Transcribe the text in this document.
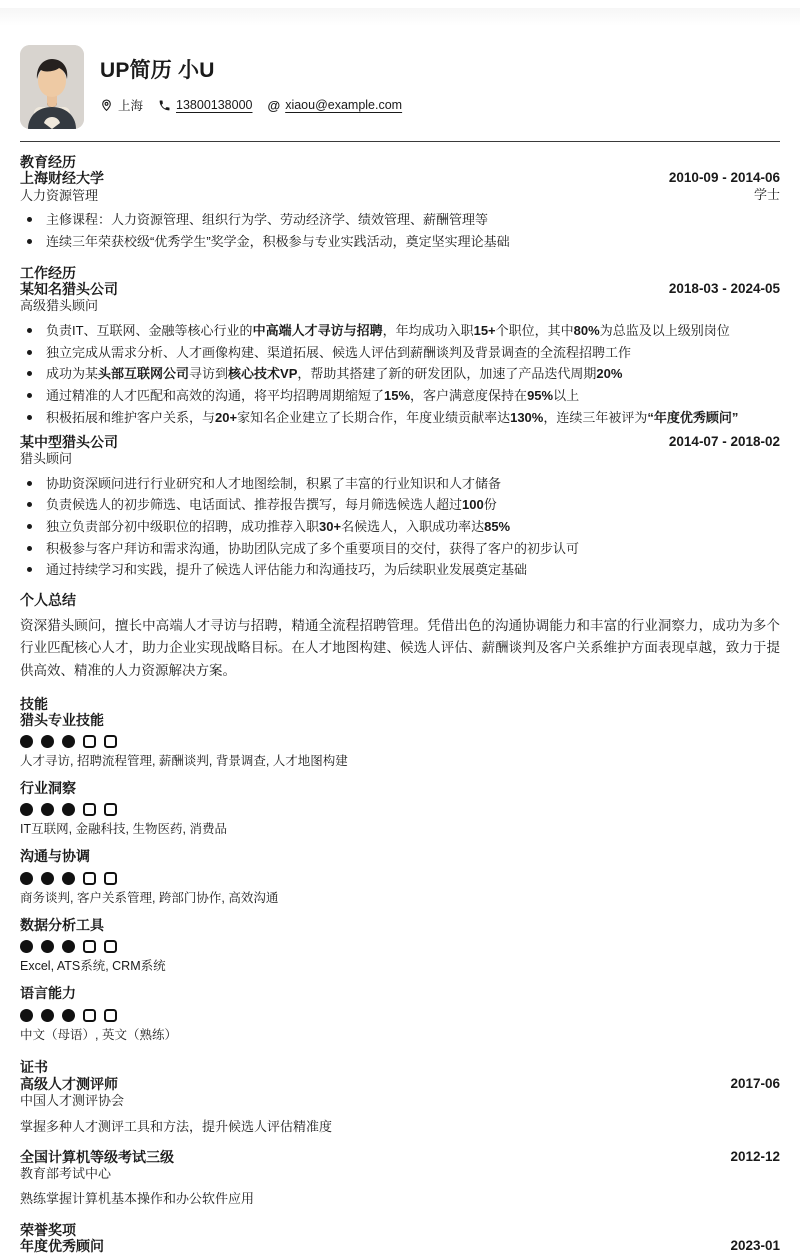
UP简历 小U
上海	13800138000 @ xiaou@example.com
教育经历
上海财经大学
人力资源管理
2010-09 - 2014-06
学士
主修课程：人力资源管理、组织行为学、劳动经济学、绩效管理、薪酬管理等
连续三年荣获校级“优秀学生”奖学金，积极参与专业实践活动，奠定坚实理论基础
工作经历
某知名猎头公司
高级猎头顾问
2018-03 - 2024-05
负责IT、互联网、金融等核心行业的中高端人才寻访与招聘，年均成功入职15+个职位，其中80%为总监及以上级别岗位
独立完成从需求分析、人才画像构建、渠道拓展、候选人评估到薪酬谈判及背景调查的全流程招聘工作
成功为某头部互联网公司寻访到核心技术VP，帮助其搭建了新的研发团队，加速了产品迭代周期20%
通过精准的人才匹配和高效的沟通，将平均招聘周期缩短了15%，客户满意度保持在95%以上
积极拓展和维护客户关系，与20+家知名企业建立了长期合作，年度业绩贡献率达130%，连续三年被评为“年度优秀顾问”
某中型猎头公司
猎头顾问
2014-07 - 2018-02
协助资深顾问进行行业研究和人才地图绘制，积累了丰富的行业知识和人才储备
负责候选人的初步筛选、电话面试、推荐报告撰写，每月筛选候选人超过100份
独立负责部分初中级职位的招聘，成功推荐入职30+名候选人，入职成功率达85%
积极参与客户拜访和需求沟通，协助团队完成了多个重要项目的交付，获得了客户的初步认可
通过持续学习和实践，提升了候选人评估能力和沟通技巧，为后续职业发展奠定基础
个人总结
资深猎头顾问，擅长中高端人才寻访与招聘，精通全流程招聘管理。凭借出色的沟通协调能力和丰富的行业洞察力，成功为多个行业匹配核心人才，助力企业实现战略目标。在人才地图构建、候选人评估、薪酬谈判及客户关系维护方面表现卓越，致力于提供高效、精准的人力资源解决方案。
技能
猎头专业技能
人才寻访, 招聘流程管理, 薪酬谈判, 背景调查, 人才地图构建
行业洞察
IT互联网, 金融科技, 生物医药, 消费品
沟通与协调
商务谈判, 客户关系管理, 跨部门协作, 高效沟通
数据分析工具
Excel, ATS系统, CRM系统
语言能力
中文（母语）, 英文（熟练）
证书
高级人才测评师
中国人才测评协会
2017-06
掌握多种人才测评工具和方法，提升候选人评估精准度
全国计算机等级考试三级
教育部考试中心
2012-12
熟练掌握计算机基本操作和办公软件应用
荣誉奖项
年度优秀顾问	2023-01
